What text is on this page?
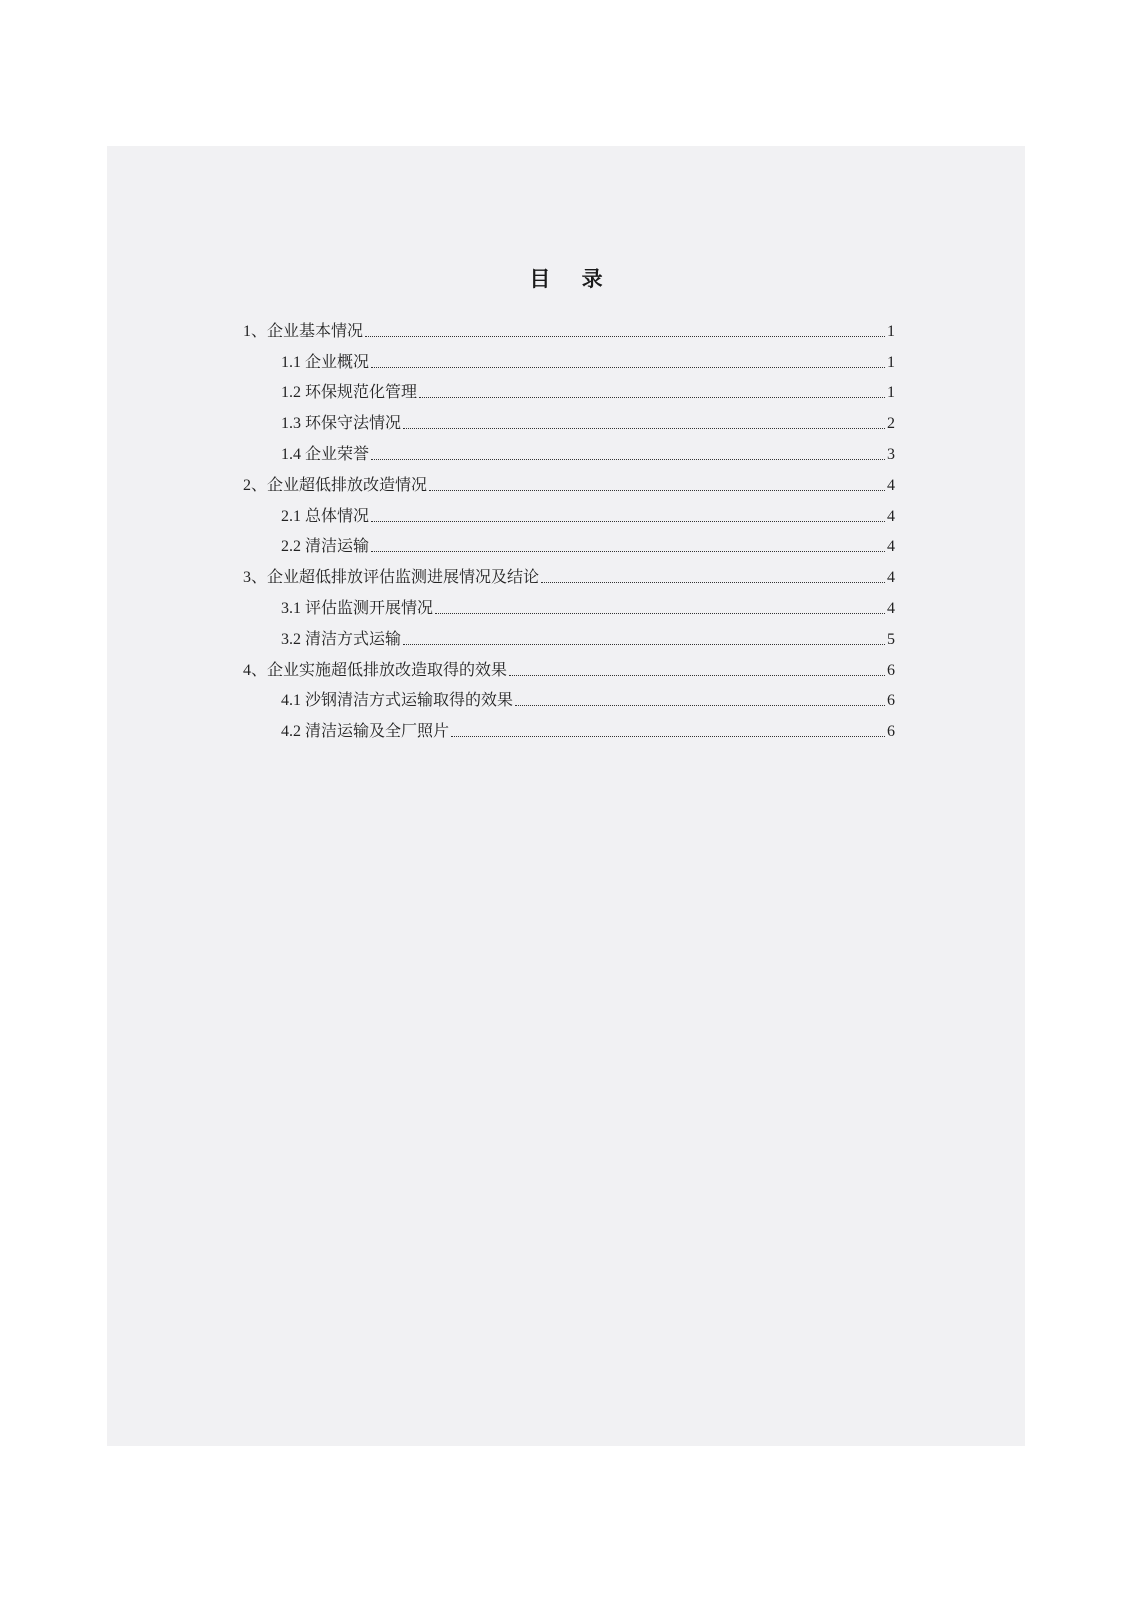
目 录
1、企业基本情况	1
1.1 企业概况	1
1.2 环保规范化管理	1
1.3 环保守法情况	2
1.4 企业荣誉	3
2、企业超低排放改造情况	4
2.1 总体情况	4
2.2 清洁运输	4
3、企业超低排放评估监测进展情况及结论	4
3.1 评估监测开展情况	4
3.2 清洁方式运输	5
4、企业实施超低排放改造取得的效果	6
4.1 沙钢清洁方式运输取得的效果	6
4.2 清洁运输及全厂照片	6
